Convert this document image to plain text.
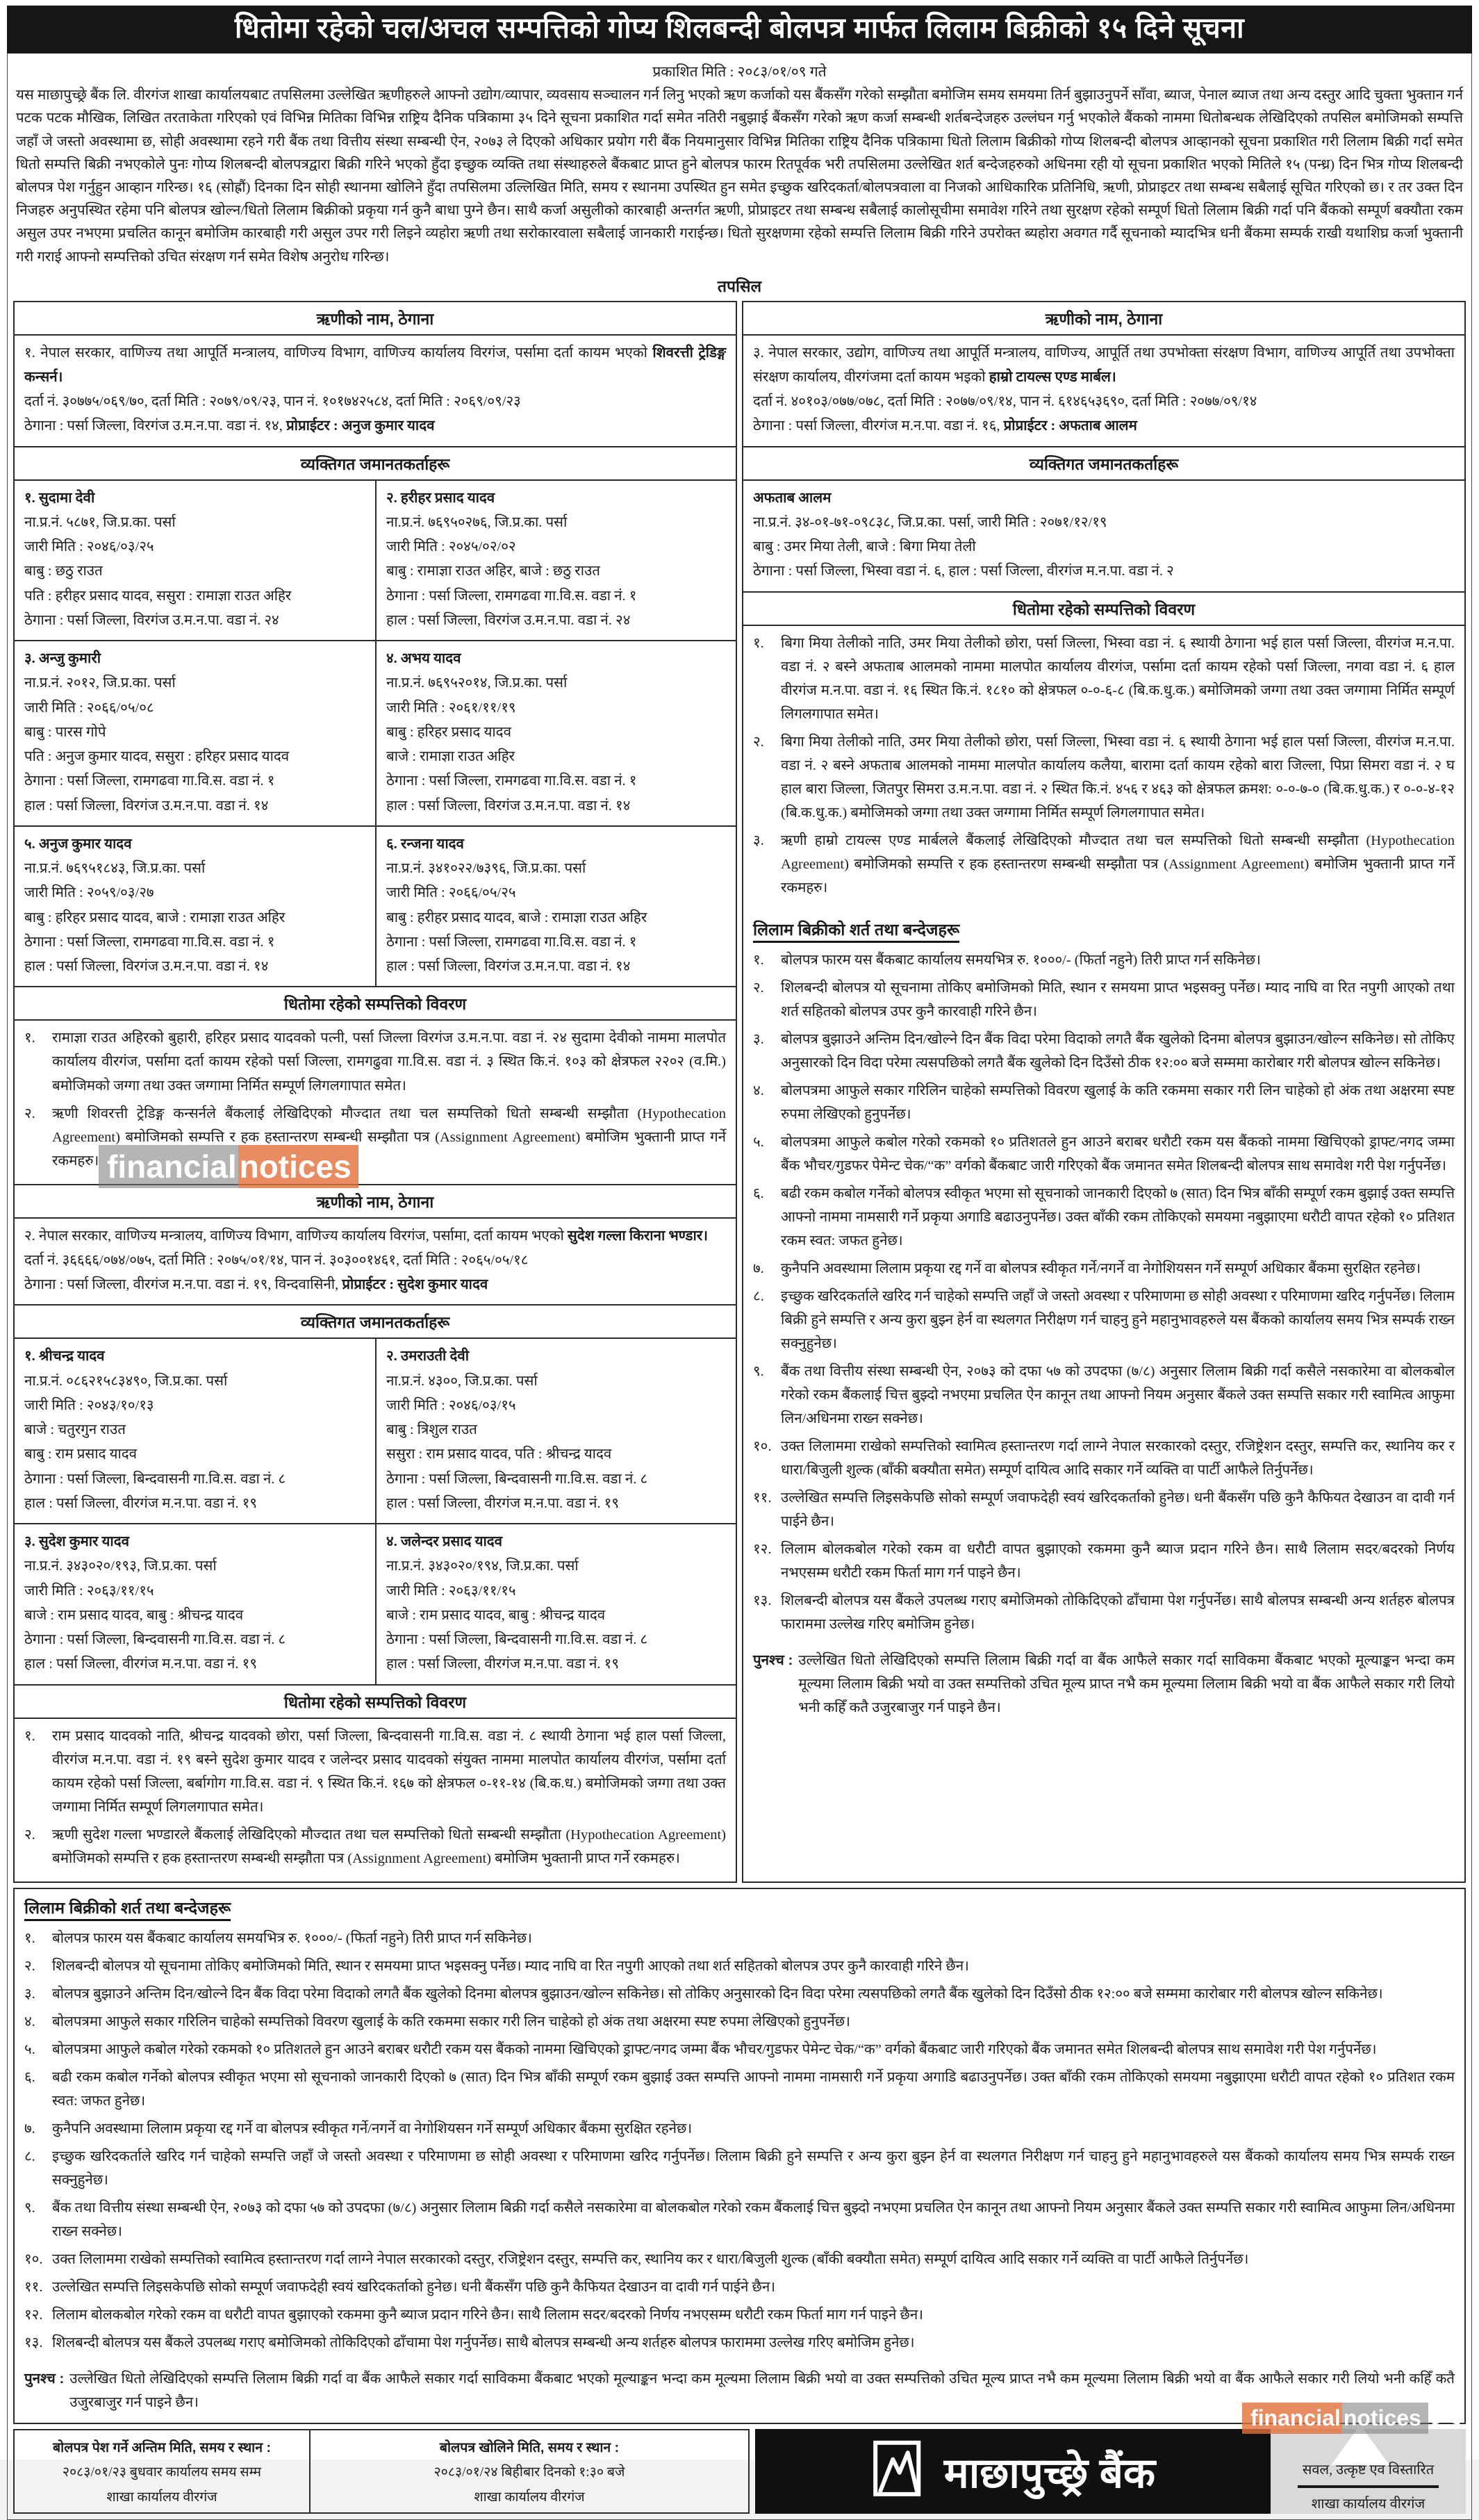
धितोमा रहेको चल/अचल सम्पत्तिको गोप्य शिलबन्दी बोलपत्र मार्फत लिलाम बिक्रीको १५ दिने सूचना
प्रकाशित मिति : २०८३/०१/०९ गते
यस माछापुच्छ्रे बैंक लि. वीरगंज शाखा कार्यालयबाट तपसिलमा उल्लेखित ऋणीहरुले आफ्नो उद्योग/व्यापार, व्यवसाय सञ्चालन गर्न लिनु भएको ऋण कर्जाको यस बैंकसँग गरेको सम्झौता बमोजिम समय समयमा तिर्न बुझाउनुपर्ने साँवा, ब्याज, पेनाल ब्याज तथा अन्य दस्तुर आदि चुक्ता भुक्तान गर्न पटक पटक मौखिक, लिखित तरताकेता गरिएको एवं विभिन्न मितिका विभिन्न राष्ट्रिय दैनिक पत्रिकामा ३५ दिने सूचना प्रकाशित गर्दा समेत नतिरी नबुझाई बैंकसँग गरेको ऋण कर्जा सम्बन्धी शर्तबन्देजहरु उल्लंघन गर्नु भएकोले बैंकको नाममा धितोबन्धक लेखिदिएको तपसिल बमोजिमको सम्पत्ति जहाँ जे जस्तो अवस्थामा छ, सोही अवस्थामा रहने गरी बैंक तथा वित्तीय संस्था सम्बन्धी ऐन, २०७३ ले दिएको अधिकार प्रयोग गरी बैंक नियमानुसार विभिन्न मितिका राष्ट्रिय दैनिक पत्रिकामा धितो लिलाम बिक्रीको गोप्य शिलबन्दी बोलपत्र आव्हानको सूचना प्रकाशित गरी लिलाम बिक्री गर्दा समेत धितो सम्पत्ति बिक्री नभएकोले पुनः गोप्य शिलबन्दी बोलपत्रद्वारा बिक्री गरिने भएको हुँदा इच्छुक व्यक्ति तथा संस्थाहरुले बैंकबाट प्राप्त हुने बोलपत्र फारम रितपूर्वक भरी तपसिलमा उल्लेखित शर्त बन्देजहरुको अधिनमा रही यो सूचना प्रकाशित भएको मितिले १५ (पन्ध्र) दिन भित्र गोप्य शिलबन्दी बोलपत्र पेश गर्नुहुन आव्हान गरिन्छ। १६ (सोह्रौं) दिनका दिन सोही स्थानमा खोलिने हुँदा तपसिलमा उल्लिखित मिति, समय र स्थानमा उपस्थित हुन समेत इच्छुक खरिदकर्ता/बोलपत्रवाला वा निजको आधिकारिक प्रतिनिधि, ऋणी, प्रोप्राइटर तथा सम्बन्ध सबैलाई सूचित गरिएको छ। र तर उक्त दिन निजहरु अनुपस्थित रहेमा पनि बोलपत्र खोल्न/धितो लिलाम बिक्रीको प्रकृया गर्न कुनै बाधा पुग्ने छैन। साथै कर्जा असुलीको कारबाही अन्तर्गत ऋणी, प्रोप्राइटर तथा सम्बन्ध सबैलाई कालोसूचीमा समावेश गरिने तथा सुरक्षण रहेको सम्पूर्ण धितो लिलाम बिक्री गर्दा पनि बैंकको सम्पूर्ण बक्यौता रकम असुल उपर नभएमा प्रचलित कानून बमोजिम कारबाही गरी असुल उपर गरी लिइने व्यहोरा ऋणी तथा सरोकारवाला सबैलाई जानकारी गराईन्छ। धितो सुरक्षणमा रहेको सम्पत्ति लिलाम बिक्री गरिने उपरोक्त ब्यहोरा अवगत गर्दै सूचनाको म्यादभित्र धनी बैंकमा सम्पर्क राखी यथाशिघ्र कर्जा भुक्तानी गरी गराई आफ्नो सम्पत्तिको उचित संरक्षण गर्न समेत विशेष अनुरोध गरिन्छ।
तपसिल
ऋणीको नाम, ठेगाना
१. नेपाल सरकार, वाणिज्य तथा आपूर्ति मन्त्रालय, वाणिज्य विभाग, वाणिज्य कार्यालय विरगंज, पर्सामा दर्ता कायम भएको शिवरत्ती ट्रेडिङ्ग कन्सर्न।
दर्ता नं. ३०७७५/०६९/७०, दर्ता मिति : २०७९/०९/२३, पान नं. १०१७४२५८४, दर्ता मिति : २०६९/०९/२३
ठेगाना : पर्सा जिल्ला, विरगंज उ.म.न.पा. वडा नं. १४, प्रोप्राईटर : अनुज कुमार यादव
व्यक्तिगत जमानतकर्ताहरू
१. सुदामा देवी
ना.प्र.नं. ५८७१, जि.प्र.का. पर्सा
जारी मिति : २०४६/०३/२५
बाबु : छठु राउत
पति : हरीहर प्रसाद यादव, ससुरा : रामाज्ञा राउत अहिर
ठेगाना : पर्सा जिल्ला, विरगंज उ.म.न.पा. वडा नं. २४
२. हरीहर प्रसाद यादव
ना.प्र.नं. ७६९५०२७६, जि.प्र.का. पर्सा
जारी मिति : २०४५/०२/०२
बाबु : रामाज्ञा राउत अहिर, बाजे : छठु राउत
ठेगाना : पर्सा जिल्ला, रामगढवा गा.वि.स. वडा नं. १
हाल : पर्सा जिल्ला, विरगंज उ.म.न.पा. वडा नं. २४
३. अन्जु कुमारी
ना.प्र.नं. २०१२, जि.प्र.का. पर्सा
जारी मिति : २०६६/०५/०८
बाबु : पारस गोपे
पति : अनुज कुमार यादव, ससुरा : हरिहर प्रसाद यादव
ठेगाना : पर्सा जिल्ला, रामगढवा गा.वि.स. वडा नं. १
हाल : पर्सा जिल्ला, विरगंज उ.म.न.पा. वडा नं. १४
४. अभय यादव
ना.प्र.नं. ७६९५२०१४, जि.प्र.का. पर्सा
जारी मिति : २०६१/११/१९
बाबु : हरिहर प्रसाद यादव
बाजे : रामाज्ञा राउत अहिर
ठेगाना : पर्सा जिल्ला, रामगढवा गा.वि.स. वडा नं. १
हाल : पर्सा जिल्ला, विरगंज उ.म.न.पा. वडा नं. १४
५. अनुज कुमार यादव
ना.प्र.नं. ७६९५१८४३, जि.प्र.का. पर्सा
जारी मिति : २०५९/०३/२७
बाबु : हरिहर प्रसाद यादव, बाजे : रामाज्ञा राउत अहिर
ठेगाना : पर्सा जिल्ला, रामगढवा गा.वि.स. वडा नं. १
हाल : पर्सा जिल्ला, विरगंज उ.म.न.पा. वडा नं. १४
६. रन्जना यादव
ना.प्र.नं. ३४१०२२/७३९६, जि.प्र.का. पर्सा
जारी मिति : २०६६/०५/२५
बाबु : हरीहर प्रसाद यादव, बाजे : रामाज्ञा राउत अहिर
ठेगाना : पर्सा जिल्ला, रामगढवा गा.वि.स. वडा नं. १
हाल : पर्सा जिल्ला, विरगंज उ.म.न.पा. वडा नं. १४
धितोमा रहेको सम्पत्तिको विवरण
१.	रामाज्ञा राउत अहिरको बुहारी, हरिहर प्रसाद यादवको पत्नी, पर्सा जिल्ला विरगंज उ.म.न.पा. वडा नं. २४ सुदामा देवीको नाममा मालपोत कार्यालय वीरगंज, पर्सामा दर्ता कायम रहेको पर्सा जिल्ला, रामगढुवा गा.वि.स. वडा नं. ३ स्थित कि.नं. १०३ को क्षेत्रफल २२०२ (व.मि.) बमोजिमको जग्गा तथा उक्त जग्गामा निर्मित सम्पूर्ण लिगलगापात समेत।
२.	ऋणी शिवरत्ती ट्रेडिङ्ग कन्सर्नले बैंकलाई लेखिदिएको मौज्दात तथा चल सम्पत्तिको धितो सम्बन्धी सम्झौता (Hypothecation Agreement) बमोजिमको सम्पत्ति र हक हस्तान्तरण सम्बन्धी सम्झौता पत्र (Assignment Agreement) बमोजिम भुक्तानी प्राप्त गर्ने रकमहरु।
ऋणीको नाम, ठेगाना
२. नेपाल सरकार, वाणिज्य मन्त्रालय, वाणिज्य विभाग, वाणिज्य कार्यालय विरगंज, पर्सामा, दर्ता कायम भएको सुदेश गल्ला किराना भण्डार।
दर्ता नं. ३६६६६/०७४/०७५, दर्ता मिति : २०७५/०१/१४, पान नं. ३०३००१४६१, दर्ता मिति : २०६५/०५/१८
ठेगाना : पर्सा जिल्ला, वीरगंज म.न.पा. वडा नं. १९, विन्दवासिनी, प्रोप्राईटर : सुदेश कुमार यादव
व्यक्तिगत जमानतकर्ताहरू
१. श्रीचन्द्र यादव
ना.प्र.नं. ०८६२१५८३४९०, जि.प्र.का. पर्सा
जारी मिति : २०४३/१०/१३
बाजे : चतुरगुन राउत
बाबु : राम प्रसाद यादव
ठेगाना : पर्सा जिल्ला, बिन्दवासनी गा.वि.स. वडा नं. ८
हाल : पर्सा जिल्ला, वीरगंज म.न.पा. वडा नं. १९
२. उमराउती देवी
ना.प्र.नं. ४३००, जि.प्र.का. पर्सा
जारी मिति : २०४६/०३/१५
बाबु : त्रिशुल राउत
ससुरा : राम प्रसाद यादव, पति : श्रीचन्द्र यादव
ठेगाना : पर्सा जिल्ला, बिन्दवासनी गा.वि.स. वडा नं. ८
हाल : पर्सा जिल्ला, वीरगंज म.न.पा. वडा नं. १९
३. सुदेश कुमार यादव
ना.प्र.नं. ३४३०२०/१९३, जि.प्र.का. पर्सा
जारी मिति : २०६३/११/१५
बाजे : राम प्रसाद यादव, बाबु : श्रीचन्द्र यादव
ठेगाना : पर्सा जिल्ला, बिन्दवासनी गा.वि.स. वडा नं. ८
हाल : पर्सा जिल्ला, वीरगंज म.न.पा. वडा नं. १९
४. जलेन्दर प्रसाद यादव
ना.प्र.नं. ३४३०२०/१९४, जि.प्र.का. पर्सा
जारी मिति : २०६३/११/१५
बाजे : राम प्रसाद यादव, बाबु : श्रीचन्द्र यादव
ठेगाना : पर्सा जिल्ला, बिन्दवासनी गा.वि.स. वडा नं. ८
हाल : पर्सा जिल्ला, वीरगंज म.न.पा. वडा नं. १९
धितोमा रहेको सम्पत्तिको विवरण
१.	राम प्रसाद यादवको नाति, श्रीचन्द्र यादवको छोरा, पर्सा जिल्ला, बिन्दवासनी गा.वि.स. वडा नं. ८ स्थायी ठेगाना भई हाल पर्सा जिल्ला, वीरगंज म.न.पा. वडा नं. १९ बस्ने सुदेश कुमार यादव र जलेन्दर प्रसाद यादवको संयुक्त नाममा मालपोत कार्यालय वीरगंज, पर्सामा दर्ता कायम रहेको पर्सा जिल्ला, बर्बागोग गा.वि.स. वडा नं. ९ स्थित कि.नं. १६७ को क्षेत्रफल ०-११-१४ (बि.क.ध.) बमोजिमको जग्गा तथा उक्त जग्गामा निर्मित सम्पूर्ण लिगलगापात समेत।
२.	ऋणी सुदेश गल्ला भण्डारले बैंकलाई लेखिदिएको मौज्दात तथा चल सम्पत्तिको धितो सम्बन्धी सम्झौता (Hypothecation Agreement) बमोजिमको सम्पत्ति र हक हस्तान्तरण सम्बन्धी सम्झौता पत्र (Assignment Agreement) बमोजिम भुक्तानी प्राप्त गर्ने रकमहरु।
ऋणीको नाम, ठेगाना
३. नेपाल सरकार, उद्योग, वाणिज्य तथा आपूर्ति मन्त्रालय, वाणिज्य, आपूर्ति तथा उपभोक्ता संरक्षण विभाग, वाणिज्य आपूर्ति तथा उपभोक्ता संरक्षण कार्यालय, वीरगंजमा दर्ता कायम भइको हाम्रो टायल्स एण्ड मार्बल।
दर्ता नं. ४०१०३/०७७/०७८, दर्ता मिति : २०७७/०९/१४, पान नं. ६१४६५३६९०, दर्ता मिति : २०७७/०९/१४
ठेगाना : पर्सा जिल्ला, वीरगंज म.न.पा. वडा नं. १६, प्रोप्राईटर : अफताब आलम
व्यक्तिगत जमानतकर्ताहरू
अफताब आलम
ना.प्र.नं. ३४-०१-७१-०९८३८, जि.प्र.का. पर्सा, जारी मिति : २०७१/१२/१९
बाबु : उमर मिया तेली, बाजे : बिगा मिया तेली
ठेगाना : पर्सा जिल्ला, भिस्वा वडा नं. ६, हाल : पर्सा जिल्ला, वीरगंज म.न.पा. वडा नं. २
धितोमा रहेको सम्पत्तिको विवरण
१.	बिगा मिया तेलीको नाति, उमर मिया तेलीको छोरा, पर्सा जिल्ला, भिस्वा वडा नं. ६ स्थायी ठेगाना भई हाल पर्सा जिल्ला, वीरगंज म.न.पा. वडा नं. २ बस्ने अफताब आलमको नाममा मालपोत कार्यालय वीरगंज, पर्सामा दर्ता कायम रहेको पर्सा जिल्ला, नगवा वडा नं. ६ हाल वीरगंज म.न.पा. वडा नं. १६ स्थित कि.नं. १८१० को क्षेत्रफल ०-०-६-८ (बि.क.धु.क.) बमोजिमको जग्गा तथा उक्त जग्गामा निर्मित सम्पूर्ण लिगलगापात समेत।
२.	बिगा मिया तेलीको नाति, उमर मिया तेलीको छोरा, पर्सा जिल्ला, भिस्वा वडा नं. ६ स्थायी ठेगाना भई हाल पर्सा जिल्ला, वीरगंज म.न.पा. वडा नं. २ बस्ने अफताब आलमको नाममा मालपोत कार्यालय कलैया, बारामा दर्ता कायम रहेको बारा जिल्ला, पिप्रा सिमरा वडा नं. २ घ हाल बारा जिल्ला, जितपुर सिमरा उ.म.न.पा. वडा नं. २ स्थित कि.नं. ४५६ र ४६३ को क्षेत्रफल क्रमश: ०-०-७-० (बि.क.धु.क.) र ०-०-४-१२ (बि.क.धु.क.) बमोजिमको जग्गा तथा उक्त जग्गामा निर्मित सम्पूर्ण लिगलगापात समेत।
३.	ऋणी हाम्रो टायल्स एण्ड मार्बलले बैंकलाई लेखिदिएको मौज्दात तथा चल सम्पत्तिको धितो सम्बन्धी सम्झौता (Hypothecation Agreement) बमोजिमको सम्पत्ति र हक हस्तान्तरण सम्बन्धी सम्झौता पत्र (Assignment Agreement) बमोजिम भुक्तानी प्राप्त गर्ने रकमहरु।
लिलाम बिक्रीको शर्त तथा बन्देजहरू
१.	बोलपत्र फारम यस बैंकबाट कार्यालय समयभित्र रु. १०००/- (फिर्ता नहुने) तिरी प्राप्त गर्न सकिनेछ।
२.	शिलबन्दी बोलपत्र यो सूचनामा तोकिए बमोजिमको मिति, स्थान र समयमा प्राप्त भइसक्नु पर्नेछ। म्याद नाघि वा रित नपुगी आएको तथा शर्त सहितको बोलपत्र उपर कुनै कारवाही गरिने छैन।
३.	बोलपत्र बुझाउने अन्तिम दिन/खोल्ने दिन बैंक विदा परेमा विदाको लगतै बैंक खुलेको दिनमा बोलपत्र बुझाउन/खोल्न सकिनेछ। सो तोकिए अनुसारको दिन विदा परेमा त्यसपछिको लगतै बैंक खुलेको दिन दिउँसो ठीक १२:०० बजे सम्ममा कारोबार गरी बोलपत्र खोल्न सकिनेछ।
४.	बोलपत्रमा आफुले सकार गरिलिन चाहेको सम्पत्तिको विवरण खुलाई के कति रकममा सकार गरी लिन चाहेको हो अंक तथा अक्षरमा स्पष्ट रुपमा लेखिएको हुनुपर्नेछ।
५.	बोलपत्रमा आफुले कबोल गरेको रकमको १० प्रतिशतले हुन आउने बराबर धरौटी रकम यस बैंकको नाममा खिचिएको ड्राफ्ट/नगद जम्मा बैंक भौचर/गुडफर पेमेन्ट चेक/“क” वर्गको बैंकबाट जारी गरिएको बैंक जमानत समेत शिलबन्दी बोलपत्र साथ समावेश गरी पेश गर्नुपर्नेछ।
६.	बढी रकम कबोल गर्नेको बोलपत्र स्वीकृत भएमा सो सूचनाको जानकारी दिएको ७ (सात) दिन भित्र बाँकी सम्पूर्ण रकम बुझाई उक्त सम्पत्ति आफ्नो नाममा नामसारी गर्ने प्रकृया अगाडि बढाउनुपर्नेछ। उक्त बाँकी रकम तोकिएको समयमा नबुझाएमा धरौटी वापत रहेको १० प्रतिशत रकम स्वत: जफत हुनेछ।
७.	कुनैपनि अवस्थामा लिलाम प्रकृया रद्द गर्ने वा बोलपत्र स्वीकृत गर्ने/नगर्ने वा नेगोशियसन गर्ने सम्पूर्ण अधिकार बैंकमा सुरक्षित रहनेछ।
८.	इच्छुक खरिदकर्ताले खरिद गर्न चाहेको सम्पत्ति जहाँ जे जस्तो अवस्था र परिमाणमा छ सोही अवस्था र परिमाणमा खरिद गर्नुपर्नेछ। लिलाम बिक्री हुने सम्पत्ति र अन्य कुरा बुझ्न हेर्न वा स्थलगत निरीक्षण गर्न चाहनु हुने महानुभावहरुले यस बैंकको कार्यालय समय भित्र सम्पर्क राख्न सक्नुहुनेछ।
९.	बैंक तथा वित्तीय संस्था सम्बन्धी ऐन, २०७३ को दफा ५७ को उपदफा (७/८) अनुसार लिलाम बिक्री गर्दा कसैले नसकारेमा वा बोलकबोल गरेको रकम बैंकलाई चित्त बुझ्दो नभएमा प्रचलित ऐन कानून तथा आफ्नो नियम अनुसार बैंकले उक्त सम्पत्ति सकार गरी स्वामित्व आफुमा लिन/अधिनमा राख्न सक्नेछ।
१०. उक्त लिलाममा राखेको सम्पत्तिको स्वामित्व हस्तान्तरण गर्दा लाग्ने नेपाल सरकारको दस्तुर, रजिष्ट्रेशन दस्तुर, सम्पत्ति कर, स्थानिय कर र धारा/बिजुली शुल्क (बाँकी बक्यौता समेत) सम्पूर्ण दायित्व आदि सकार गर्ने व्यक्ति वा पार्टी आफैले तिर्नुपर्नेछ।
११. उल्लेखित सम्पत्ति लिइसकेपछि सोको सम्पूर्ण जवाफदेही स्वयं खरिदकर्ताको हुनेछ। धनी बैंकसँग पछि कुनै कैफियत देखाउन वा दावी गर्न पाईने छैन।
१२. लिलाम बोलकबोल गरेको रकम वा धरौटी वापत बुझाएको रकममा कुनै ब्याज प्रदान गरिने छैन। साथै लिलाम सदर/बदरको निर्णय नभएसम्म धरौटी रकम फिर्ता माग गर्न पाइने छैन।
१३. शिलबन्दी बोलपत्र यस बैंकले उपलब्ध गराए बमोजिमको तोकिदिएको ढाँचामा पेश गर्नुपर्नेछ। साथै बोलपत्र सम्बन्धी अन्य शर्तहरु बोलपत्र फाराममा उल्लेख गरिए बमोजिम हुनेछ।
पुनश्च : उल्लेखित धितो लेखिदिएको सम्पत्ति लिलाम बिक्री गर्दा वा बैंक आफैले सकार गर्दा साविकमा बैंकबाट भएको मूल्याङ्कन भन्दा कम मूल्यमा लिलाम बिक्री भयो वा उक्त सम्पत्तिको उचित मूल्य प्राप्त नभै कम मूल्यमा लिलाम बिक्री भयो वा बैंक आफैले सकार गरी लियो भनी कहिँ कतै उजुरबाजुर गर्न पाइने छैन।
लिलाम बिक्रीको शर्त तथा बन्देजहरू
१.	बोलपत्र फारम यस बैंकबाट कार्यालय समयभित्र रु. १०००/- (फिर्ता नहुने) तिरी प्राप्त गर्न सकिनेछ।
२.	शिलबन्दी बोलपत्र यो सूचनामा तोकिए बमोजिमको मिति, स्थान र समयमा प्राप्त भइसक्नु पर्नेछ। म्याद नाघि वा रित नपुगी आएको तथा शर्त सहितको बोलपत्र उपर कुनै कारवाही गरिने छैन।
३.	बोलपत्र बुझाउने अन्तिम दिन/खोल्ने दिन बैंक विदा परेमा विदाको लगतै बैंक खुलेको दिनमा बोलपत्र बुझाउन/खोल्न सकिनेछ। सो तोकिए अनुसारको दिन विदा परेमा त्यसपछिको लगतै बैंक खुलेको दिन दिउँसो ठीक १२:०० बजे सम्ममा कारोबार गरी बोलपत्र खोल्न सकिनेछ।
४.	बोलपत्रमा आफुले सकार गरिलिन चाहेको सम्पत्तिको विवरण खुलाई के कति रकममा सकार गरी लिन चाहेको हो अंक तथा अक्षरमा स्पष्ट रुपमा लेखिएको हुनुपर्नेछ।
५.	बोलपत्रमा आफुले कबोल गरेको रकमको १० प्रतिशतले हुन आउने बराबर धरौटी रकम यस बैंकको नाममा खिचिएको ड्राफ्ट/नगद जम्मा बैंक भौचर/गुडफर पेमेन्ट चेक/“क” वर्गको बैंकबाट जारी गरिएको बैंक जमानत समेत शिलबन्दी बोलपत्र साथ समावेश गरी पेश गर्नुपर्नेछ।
६.	बढी रकम कबोल गर्नेको बोलपत्र स्वीकृत भएमा सो सूचनाको जानकारी दिएको ७ (सात) दिन भित्र बाँकी सम्पूर्ण रकम बुझाई उक्त सम्पत्ति आफ्नो नाममा नामसारी गर्ने प्रकृया अगाडि बढाउनुपर्नेछ। उक्त बाँकी रकम तोकिएको समयमा नबुझाएमा धरौटी वापत रहेको १० प्रतिशत रकम स्वत: जफत हुनेछ।
७.	कुनैपनि अवस्थामा लिलाम प्रकृया रद्द गर्ने वा बोलपत्र स्वीकृत गर्ने/नगर्ने वा नेगोशियसन गर्ने सम्पूर्ण अधिकार बैंकमा सुरक्षित रहनेछ।
८.	इच्छुक खरिदकर्ताले खरिद गर्न चाहेको सम्पत्ति जहाँ जे जस्तो अवस्था र परिमाणमा छ सोही अवस्था र परिमाणमा खरिद गर्नुपर्नेछ। लिलाम बिक्री हुने सम्पत्ति र अन्य कुरा बुझ्न हेर्न वा स्थलगत निरीक्षण गर्न चाहनु हुने महानुभावहरुले यस बैंकको कार्यालय समय भित्र सम्पर्क राख्न सक्नुहुनेछ।
९.	बैंक तथा वित्तीय संस्था सम्बन्धी ऐन, २०७३ को दफा ५७ को उपदफा (७/८) अनुसार लिलाम बिक्री गर्दा कसैले नसकारेमा वा बोलकबोल गरेको रकम बैंकलाई चित्त बुझ्दो नभएमा प्रचलित ऐन कानून तथा आफ्नो नियम अनुसार बैंकले उक्त सम्पत्ति सकार गरी स्वामित्व आफुमा लिन/अधिनमा राख्न सक्नेछ।
१०. उक्त लिलाममा राखेको सम्पत्तिको स्वामित्व हस्तान्तरण गर्दा लाग्ने नेपाल सरकारको दस्तुर, रजिष्ट्रेशन दस्तुर, सम्पत्ति कर, स्थानिय कर र धारा/बिजुली शुल्क (बाँकी बक्यौता समेत) सम्पूर्ण दायित्व आदि सकार गर्ने व्यक्ति वा पार्टी आफैले तिर्नुपर्नेछ।
११. उल्लेखित सम्पत्ति लिइसकेपछि सोको सम्पूर्ण जवाफदेही स्वयं खरिदकर्ताको हुनेछ। धनी बैंकसँग पछि कुनै कैफियत देखाउन वा दावी गर्न पाईने छैन।
१२. लिलाम बोलकबोल गरेको रकम वा धरौटी वापत बुझाएको रकममा कुनै ब्याज प्रदान गरिने छैन। साथै लिलाम सदर/बदरको निर्णय नभएसम्म धरौटी रकम फिर्ता माग गर्न पाइने छैन।
१३. शिलबन्दी बोलपत्र यस बैंकले उपलब्ध गराए बमोजिमको तोकिदिएको ढाँचामा पेश गर्नुपर्नेछ। साथै बोलपत्र सम्बन्धी अन्य शर्तहरु बोलपत्र फाराममा उल्लेख गरिए बमोजिम हुनेछ।
पुनश्च : उल्लेखित धितो लेखिदिएको सम्पत्ति लिलाम बिक्री गर्दा वा बैंक आफैले सकार गर्दा साविकमा बैंकबाट भएको मूल्याङ्कन भन्दा कम मूल्यमा लिलाम बिक्री भयो वा उक्त सम्पत्तिको उचित मूल्य प्राप्त नभै कम मूल्यमा लिलाम बिक्री भयो वा बैंक आफैले सकार गरी लियो भनी कहिँ कतै उजुरबाजुर गर्न पाइने छैन।
बोलपत्र पेश गर्ने अन्तिम मिति, समय र स्थान :
२०८३/०१/२३ बुधवार कार्यालय समय सम्म
शाखा कार्यालय वीरगंज
बोलपत्र खोलिने मिति, समय र स्थान :
२०८३/०१/२४ बिहीबार दिनको १:३० बजे
शाखा कार्यालय वीरगंज
माछापुच्छ्रे बैंक	सवल, उत्कृष्ट एवं विस्तारित
शाखा कार्यालय वीरगंज
financial notices ▶◀
financial notices ▶◀
